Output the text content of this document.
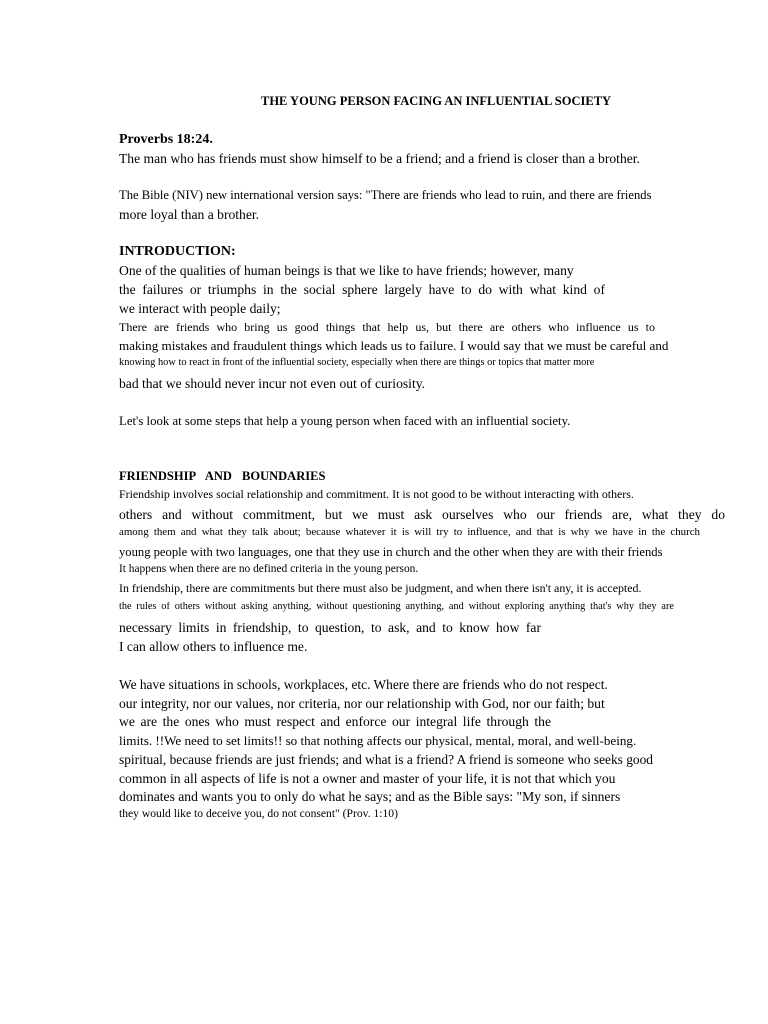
THE YOUNG PERSON FACING AN INFLUENTIAL SOCIETY
Proverbs 18:24.
The man who has friends must show himself to be a friend; and a friend is closer than a brother.
The Bible (NIV) new international version says: "There are friends who lead to ruin, and there are friends
more loyal than a brother.
INTRODUCTION:
One of the qualities of human beings is that we like to have friends; however, many
the failures or triumphs in the social sphere largely have to do with what kind of
we interact with people daily;
There are friends who bring us good things that help us, but there are others who influence us to
making mistakes and fraudulent things which leads us to failure. I would say that we must be careful and
knowing how to react in front of the influential society, especially when there are things or topics that matter more
bad that we should never incur not even out of curiosity.
Let's look at some steps that help a young person when faced with an influential society.
FRIENDSHIP AND BOUNDARIES
Friendship involves social relationship and commitment. It is not good to be without interacting with others.
others and without commitment, but we must ask ourselves who our friends are, what they do
among them and what they talk about; because whatever it is will try to influence, and that is why we have in the church
young people with two languages, one that they use in church and the other when they are with their friends
It happens when there are no defined criteria in the young person.
In friendship, there are commitments but there must also be judgment, and when there isn't any, it is accepted.
the rules of others without asking anything, without questioning anything, and without exploring anything that's why they are
necessary limits in friendship, to question, to ask, and to know how far
I can allow others to influence me.
We have situations in schools, workplaces, etc. Where there are friends who do not respect.
our integrity, nor our values, nor criteria, nor our relationship with God, nor our faith; but
we are the ones who must respect and enforce our integral life through the
limits. !!We need to set limits!! so that nothing affects our physical, mental, moral, and well-being.
spiritual, because friends are just friends; and what is a friend? A friend is someone who seeks good
common in all aspects of life is not a owner and master of your life, it is not that which you
dominates and wants you to only do what he says; and as the Bible says: "My son, if sinners
they would like to deceive you, do not consent" (Prov. 1:10)
